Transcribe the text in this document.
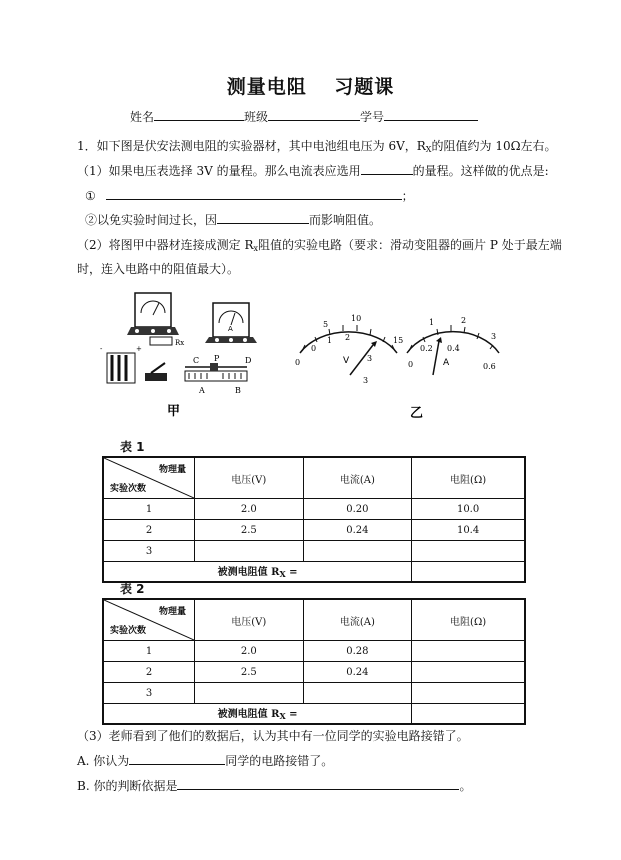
测量电阻　 习题课
姓名	班级	学号
1．如下图是伏安法测电阻的实验器材，其中电池组电压为 6V，$R_X$的阻值约为 10Ω左右。
（1）如果电压表选择 3V 的量程。那么电流表应选用	的量程。这样做的优点是:
①	；
②以免实验时间过长，因	而影响阻值。
（2）将图甲中器材连接成测定 $R_x$阻值的实验电路（要求：滑动变阻器的画片 P 处于最左端
时，连入电路中的阻值最大）。
Rx
A
+
-
C P	D
A	B
甲
0
0
1 2
3
5
10
15
V
3
0
0.2 0.4
0.6
1	2
3
A
乙
表 1
物理量
实验次数	电压(V)	电流(A)	电阻(Ω)
1	2.0	0.20	10.0
2	2.5	0.24	10.4
3			
被测电阻值 $R_X$ =			
表 2
物理量
实验次数	电压(V)	电流(A)	电阻(Ω)
1	2.0	0.28	
2	2.5	0.24	
3			
被测电阻值 $R_X$ =			
（3）老师看到了他们的数据后，认为其中有一位同学的实验电路接错了。
A. 你认为	同学的电路接错了。
B. 你的判断依据是	。
